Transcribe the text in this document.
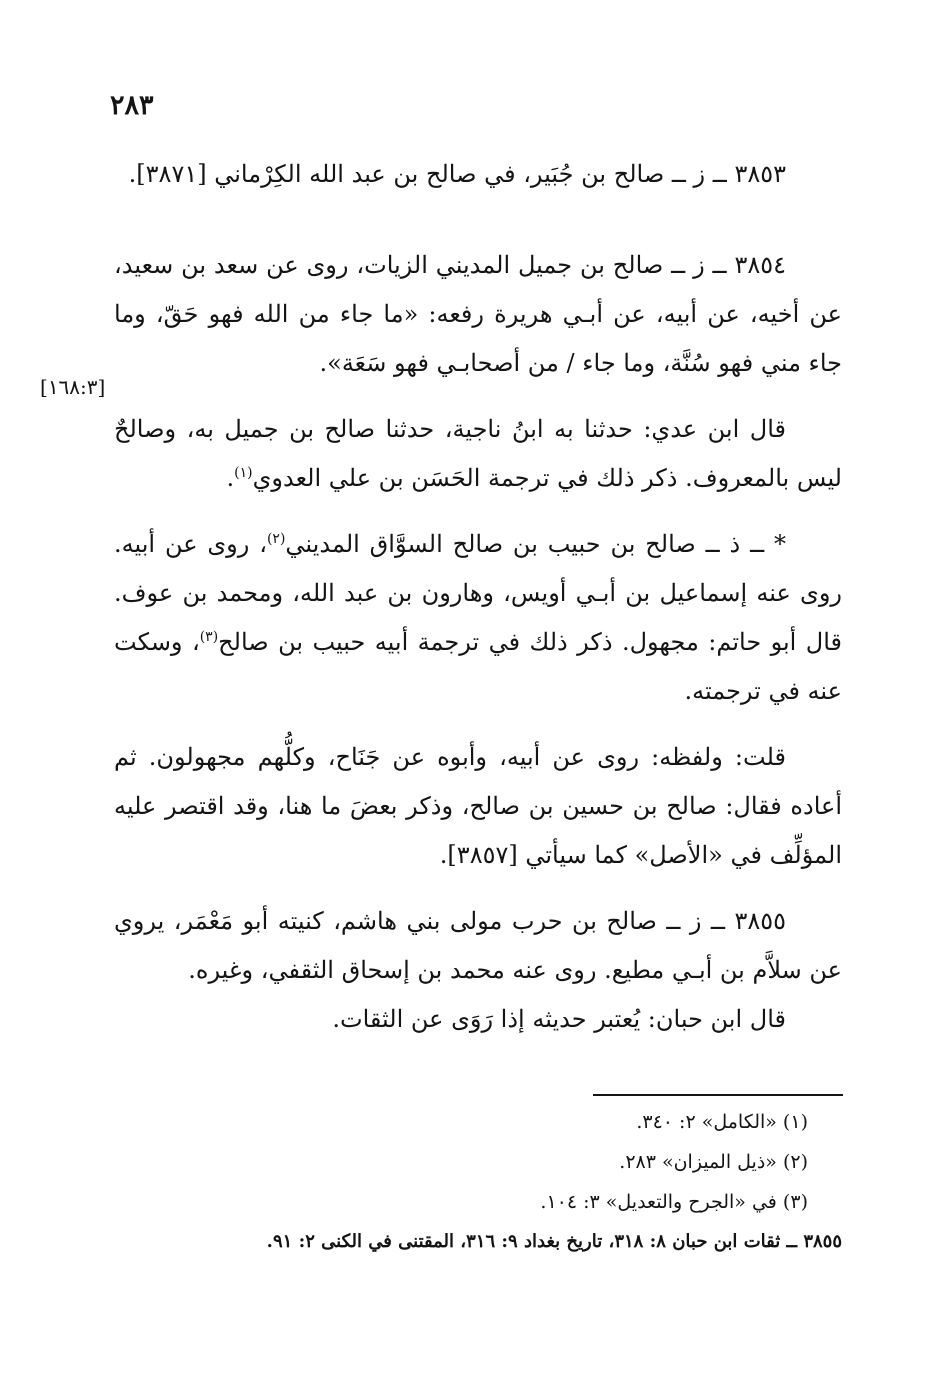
٢٨٣

٣٨٥٣ ــ ز ــ صالح بن جُبَير، في صالح بن عبد الله الكِرْماني [٣٨٧١].

٣٨٥٤ ــ ز ــ صالح بن جميل المديني الزيات، روى عن سعد بن سعيد، عن أخيه، عن أبيه، عن أبـي هريرة رفعه: «ما جاء من الله فهو حَقّ، وما جاء مني فهو سُنَّة، وما جاء / من أصحابـي فهو سَعَة».

قال ابن عدي: حدثنا به ابنُ ناجية، حدثنا صالح بن جميل به، وصالحٌ ليس بالمعروف. ذكر ذلك في ترجمة الحَسَن بن علي العدوي$^{(١)}$.

* ــ ذ ــ صالح بن حبيب بن صالح السوَّاق المديني$^{(٢)}$، روى عن أبيه. روى عنه إسماعيل بن أبـي أويس، وهارون بن عبد الله، ومحمد بن عوف. قال أبو حاتم: مجهول. ذكر ذلك في ترجمة أبيه حبيب بن صالح$^{(٣)}$، وسكت عنه في ترجمته.

قلت: ولفظه: روى عن أبيه، وأبوه عن جَنَاح، وكلُّهم مجهولون. ثم أعاده فقال: صالح بن حسين بن صالح، وذكر بعضَ ما هنا، وقد اقتصر عليه المؤلِّف في «الأصل» كما سيأتي [٣٨٥٧].

٣٨٥٥ ــ ز ــ صالح بن حرب مولى بني هاشم، كنيته أبو مَعْمَر، يروي عن سلاَّم بن أبـي مطيع. روى عنه محمد بن إسحاق الثقفي، وغيره.

قال ابن حبان: يُعتبر حديثه إذا رَوَى عن الثقات.

[١٦٨:٣]
(١) «الكامل» ٢: ٣٤٠.
(٢) «ذيل الميزان» ٢٨٣.
(٣) في «الجرح والتعديل» ٣: ١٠٤.
٣٨٥٥ ــ ثقات ابن حبان ٨: ٣١٨، تاريخ بغداد ٩: ٣١٦، المقتنى في الكنى ٢: ٩١.
